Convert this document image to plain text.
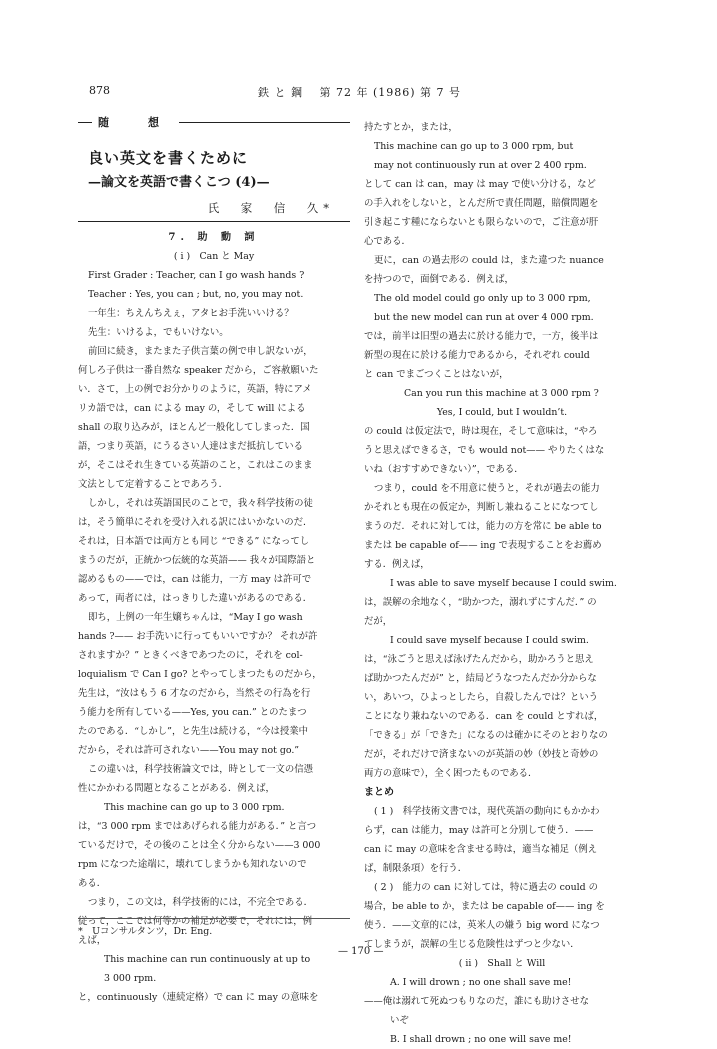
878	鉄 と 鋼　 第 72 年 (1986) 第 7 号
随　想
良い英文を書くために
—論文を英語で書くこつ (4)—
氏　家　信　久*
7. 助 動 詞
( i )　Can と May
First Grader : Teacher, can I go wash hands ?
Teacher : Yes, you can ; but, no, you may not.
一年生：ちえんちえぇ，アタヒお手洗いいける？
先生：いけるよ，でもいけない。
前回に続き，またまた子供言葉の例で申し訳ないが，
何しろ子供は一番自然な speaker だから，ご容赦願いた
い．さて，上の例でお分かりのように，英語，特にアメ
リカ語では，can による may の，そして will による
shall の取り込みが，ほとんど一般化してしまった．国
語，つまり英語，にうるさい人達はまだ抵抗している
が，そこはそれ生きている英語のこと，これはこのまま
文法として定着することであろう．
しかし，それは英語国民のことで，我々科学技術の徒
は，そう簡単にそれを受け入れる訳にはいかないのだ．
それは，日本語では両方とも同じ “できる” になってし
まうのだが，正統かつ伝統的な英語—— 我々が国際語と
認めるもの——では，can は能力，一方 may は許可で
あって，両者には，はっきりした違いがあるのである．
即ち，上例の一年生嬢ちゃんは，“May I go wash
hands ?—— お手洗いに行ってもいいですか？ それが許
されますか？” ときくべきであつたのに，それを col-
loquialism で Can I go? とやってしまつたものだから，
先生は，“汝はもう 6 才なのだから，当然その行為を行
う能力を所有している——Yes, you can.” とのたまつ
たのである．“しかし”，と先生は続ける，“今は授業中
だから，それは許可されない——You may not go.”
この違いは，科学技術論文では，時として一文の信憑
性にかかわる問題となることがある．例えば，
This machine can go up to 3 000 rpm.
は，“3 000 rpm まではあげられる能力がある．” と言つ
ているだけで，その後のことは全く分からない——3 000
rpm になつた途端に，壊れてしまうかも知れないので
ある．
つまり，この文は，科学技術的には，不完全である．
従って，ここでは何等かの補足が必要で，それには，例
えば，
This machine can run continuously at up to
3 000 rpm.
と，continuously（連続定格）で can に may の意味を
*　Uコンサルタンツ，Dr. Eng.
持たすとか，または，
This machine can go up to 3 000 rpm, but
may not continuously run at over 2 400 rpm.
として can は can，may は may で使い分ける，など
の手入れをしないと，とんだ所で責任問題，賠償問題を
引き起こす種にならないとも限らないので，ご注意が肝
心である．
更に，can の過去形の could は，また違つた nuance
を持つので，面倒である．例えば，
The old model could go only up to 3 000 rpm,
but the new model can run at over 4 000 rpm.
では，前半は旧型の過去に於ける能力で，一方，後半は
新型の現在に於ける能力であるから，それぞれ could
と can でまごつくことはないが，
Can you run this machine at 3 000 rpm ?
Yes, I could, but I wouldn’t.
の could は仮定法で，時は現在，そして意味は，“やろ
うと思えばできるさ，でも would not—— やりたくはな
いね（おすすめできない）”，である．
つまり，could を不用意に使うと，それが過去の能力
かそれとも現在の仮定か，判断し兼ねることになつてし
まうのだ．それに対しては，能力の方を常に be able to
または be capable of—— ing で表現することをお薦め
する．例えば，
I was able to save myself because I could swim.
は，誤解の余地なく，“助かつた，溺れずにすんだ．” の
だが，
I could save myself because I could swim.
は，“泳ごうと思えば泳げたんだから，助かろうと思え
ば助かつたんだが” と，結局どうなつたんだか分からな
い，あいつ，ひよっとしたら，自殺したんでは？という
ことになり兼ねないのである．can を could とすれば，
「できる」が「できた」になるのは確かにそのとおりなの
だが，それだけで済まないのが英語の妙（妙技と奇妙の
両方の意味で），全く困つたものである．
まとめ
( 1 )　科学技術文書では，現代英語の動向にもかかわ
らず，can は能力，may は許可と分別して使う．——
can に may の意味を含ませる時は，適当な補足（例え
ば，制限条項）を行う．
( 2 )　能力の can に対しては，特に過去の could の
場合，be able to か，または be capable of—— ing を
使う．——文章的には，英米人の嫌う big word になつ
てしまうが，誤解の生じる危険性はずつと少ない．
( ii )　Shall と Will
A. I will drown ; no one shall save me!
——俺は溺れて死ぬつもりなのだ，誰にも助けさせな
いぞ
B. I shall drown ; no one will save me!
— 170 —
